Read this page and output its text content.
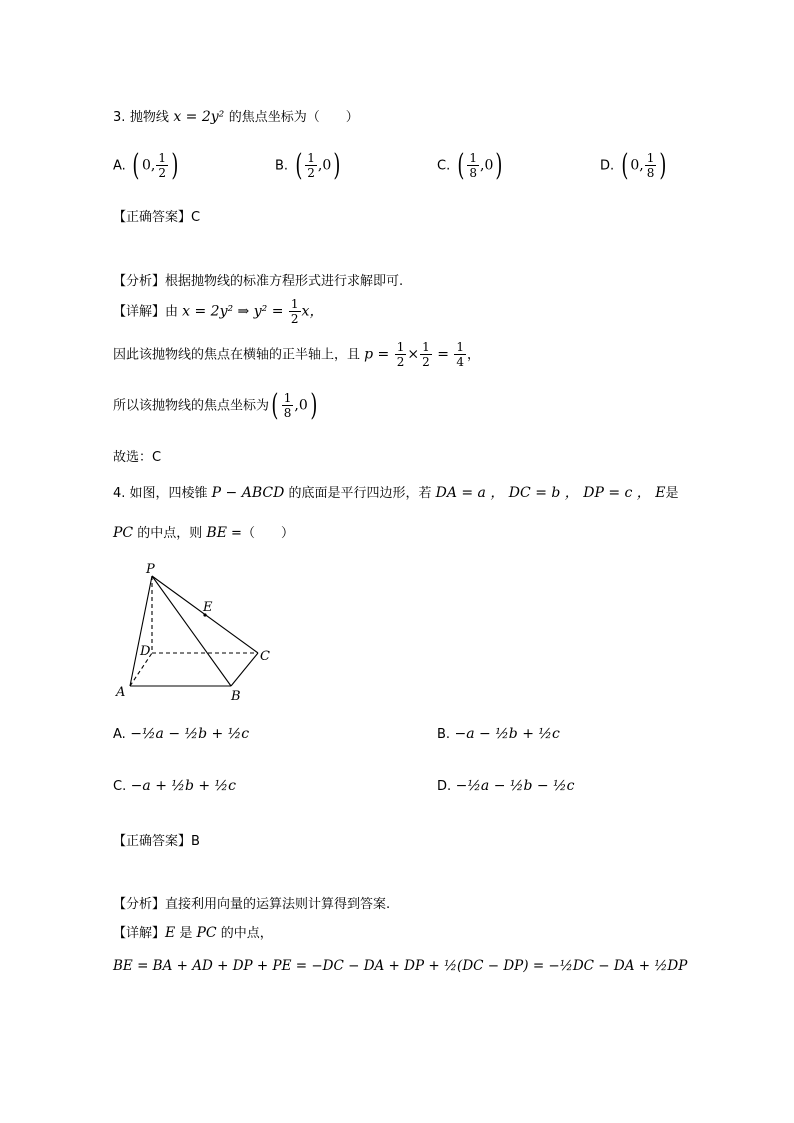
3. 抛物线 x = 2y² 的焦点坐标为（　　）
A. ( 0, $\frac{1}{2}$ )	B. ( $\frac{1}{2} ,0$)	C. ( $\frac{1}{8} ,0$)	D. ( 0, $\frac{1}{8}$ )
【正确答案】C
【分析】根据抛物线的标准方程形式进行求解即可.
【详解】由 x = 2y² ⇒ $y^2 = \frac{1}{2}$ x，
因此该抛物线的焦点在横轴的正半轴上，且 $p = \frac{1}{2} \times \frac{1}{2} = \frac{1}{4}$ ，
所以该抛物线的焦点坐标为( $\frac{1}{8} ,0$)
故选：C
4. 如图，四棱锥 P − ABCD 的底面是平行四边形，若 DA = a ， DC = b ， DP = c ， E是
PC 的中点，则 BE =（　　）
P
E
D	C
A	B
A. −½a − ½b + ½c	B. −a − ½b + ½c
C. −a + ½b + ½c	D. −½a − ½b − ½c
【正确答案】B
【分析】直接利用向量的运算法则计算得到答案.
【详解】E 是 PC 的中点，
BE = BA + AD + DP + PE = −DC − DA + DP + ½(DC − DP) = −½DC − DA + ½DP
